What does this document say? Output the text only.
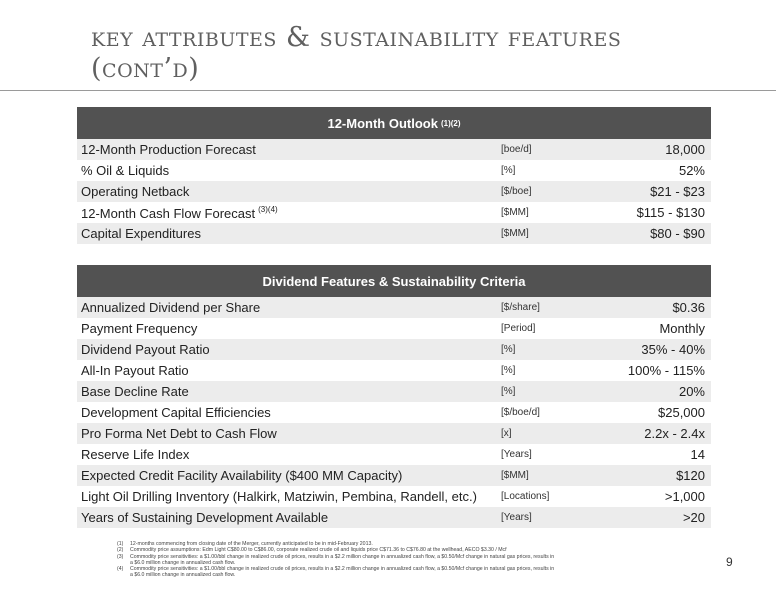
key attributes & sustainability features (cont’d)
12-Month Outlook (1)(2)
12-Month Production Forecast	[boe/d]	18,000
% Oil & Liquids	[%]	52%
Operating Netback	[$/boe]	$21 - $23
12-Month Cash Flow Forecast $^{(3)(4)}$	[$MM]	$115 - $130
Capital Expenditures	[$MM]	$80 - $90
Dividend Features & Sustainability Criteria
Annualized Dividend per Share	[$/share]	$0.36
Payment Frequency	[Period]	Monthly
Dividend Payout Ratio	[%]	35% - 40%
All-In Payout Ratio	[%]	100% - 115%
Base Decline Rate	[%]	20%
Development Capital Efficiencies	[$/boe/d]	$25,000
Pro Forma Net Debt to Cash Flow	[x]	2.2x - 2.4x
Reserve Life Index	[Years]	14
Expected Credit Facility Availability ($400 MM Capacity)	[$MM]	$120
Light Oil Drilling Inventory (Halkirk, Matziwin, Pembina, Randell, etc.)	[Locations]	>1,000
Years of Sustaining Development Available	[Years]	>20
(1)	12-months commencing from closing date of the Merger, currently anticipated to be in mid-February 2013.
(2)	Commodity price assumptions: Edm Light C$80.00 to C$86.00, corporate realized crude oil and liquids price C$71.36 to C$76.80 at the wellhead, AECO $3.30 / Mcf
(3)	Commodity price sensitivities: a $1.00/bbl change in realized crude oil prices, results in a $2.2 million change in annualized cash flow, a $0.50/Mcf change in natural gas prices, results in a $6.0 million change in annualized cash flow.
(4)	Commodity price sensitivities: a $1.00/bbl change in realized crude oil prices, results in a $2.2 million change in annualized cash flow, a $0.50/Mcf change in natural gas prices, results in a $6.0 million change in annualized cash flow.
9
